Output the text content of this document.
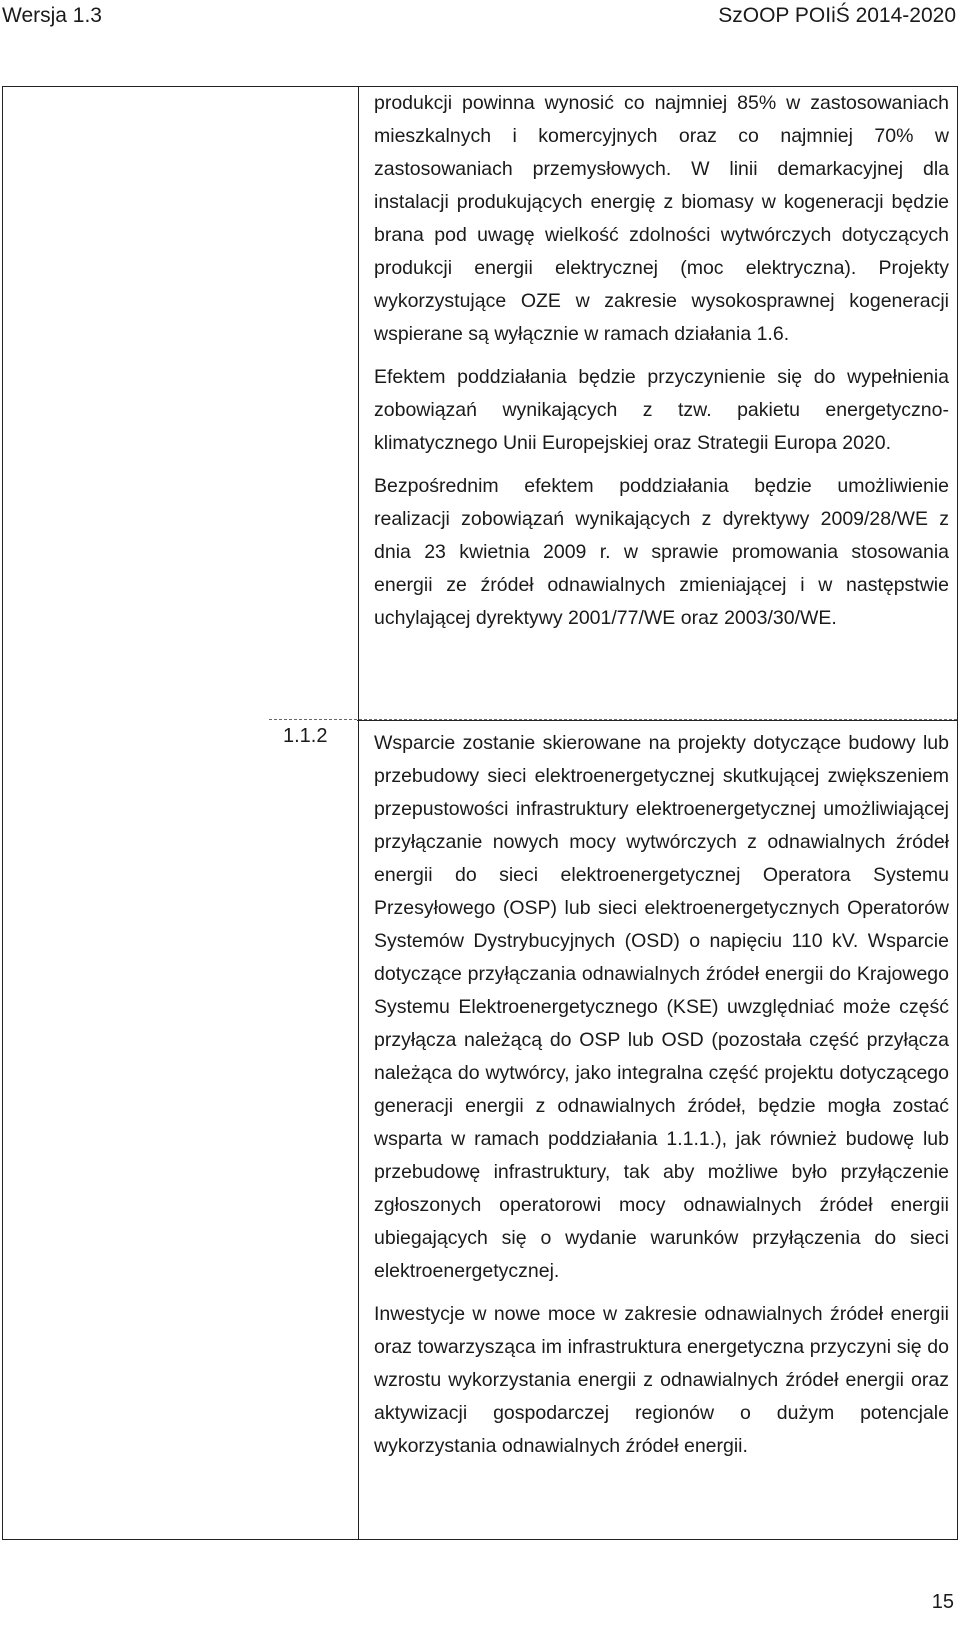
Wersja 1.3	SzOOP POIiŚ 2014-2020

produkcji powinna wynosić co najmniej 85% w zastosowaniach mieszkalnych i komercyjnych oraz co najmniej 70% w zastosowaniach przemysłowych. W linii demarkacyjnej dla instalacji produkujących energię z biomasy w kogeneracji będzie brana pod uwagę wielkość zdolności wytwórczych dotyczących produkcji energii elektrycznej (moc elektryczna). Projekty wykorzystujące OZE w zakresie wysokosprawnej kogeneracji wspierane są wyłącznie w ramach działania 1.6.

Efektem poddziałania będzie przyczynienie się do wypełnienia zobowiązań wynikających z tzw. pakietu energetyczno-klimatycznego Unii Europejskiej oraz Strategii Europa 2020.

Bezpośrednim efektem poddziałania będzie umożliwienie realizacji zobowiązań wynikających z dyrektywy 2009/28/WE z dnia 23 kwietnia 2009 r. w sprawie promowania stosowania energii ze źródeł odnawialnych zmieniającej i w następstwie uchylającej dyrektywy 2001/77/WE oraz 2003/30/WE.

1.1.2 Wsparcie zostanie skierowane na projekty dotyczące budowy lub przebudowy sieci elektroenergetycznej skutkującej zwiększeniem przepustowości infrastruktury elektroenergetycznej umożliwiającej przyłączanie nowych mocy wytwórczych z odnawialnych źródeł energii do sieci elektroenergetycznej Operatora Systemu Przesyłowego (OSP) lub sieci elektroenergetycznych Operatorów Systemów Dystrybucyjnych (OSD) o napięciu 110 kV. Wsparcie dotyczące przyłączania odnawialnych źródeł energii do Krajowego Systemu Elektroenergetycznego (KSE) uwzględniać może część przyłącza należącą do OSP lub OSD (pozostała część przyłącza należąca do wytwórcy, jako integralna część projektu dotyczącego generacji energii z odnawialnych źródeł, będzie mogła zostać wsparta w ramach poddziałania 1.1.1.), jak również budowę lub przebudowę infrastruktury, tak aby możliwe było przyłączenie zgłoszonych operatorowi mocy odnawialnych źródeł energii ubiegających się o wydanie warunków przyłączenia do sieci elektroenergetycznej.

Inwestycje w nowe moce w zakresie odnawialnych źródeł energii oraz towarzysząca im infrastruktura energetyczna przyczyni się do wzrostu wykorzystania energii z odnawialnych źródeł energii oraz aktywizacji gospodarczej regionów o dużym potencjale wykorzystania odnawialnych źródeł energii.

15
